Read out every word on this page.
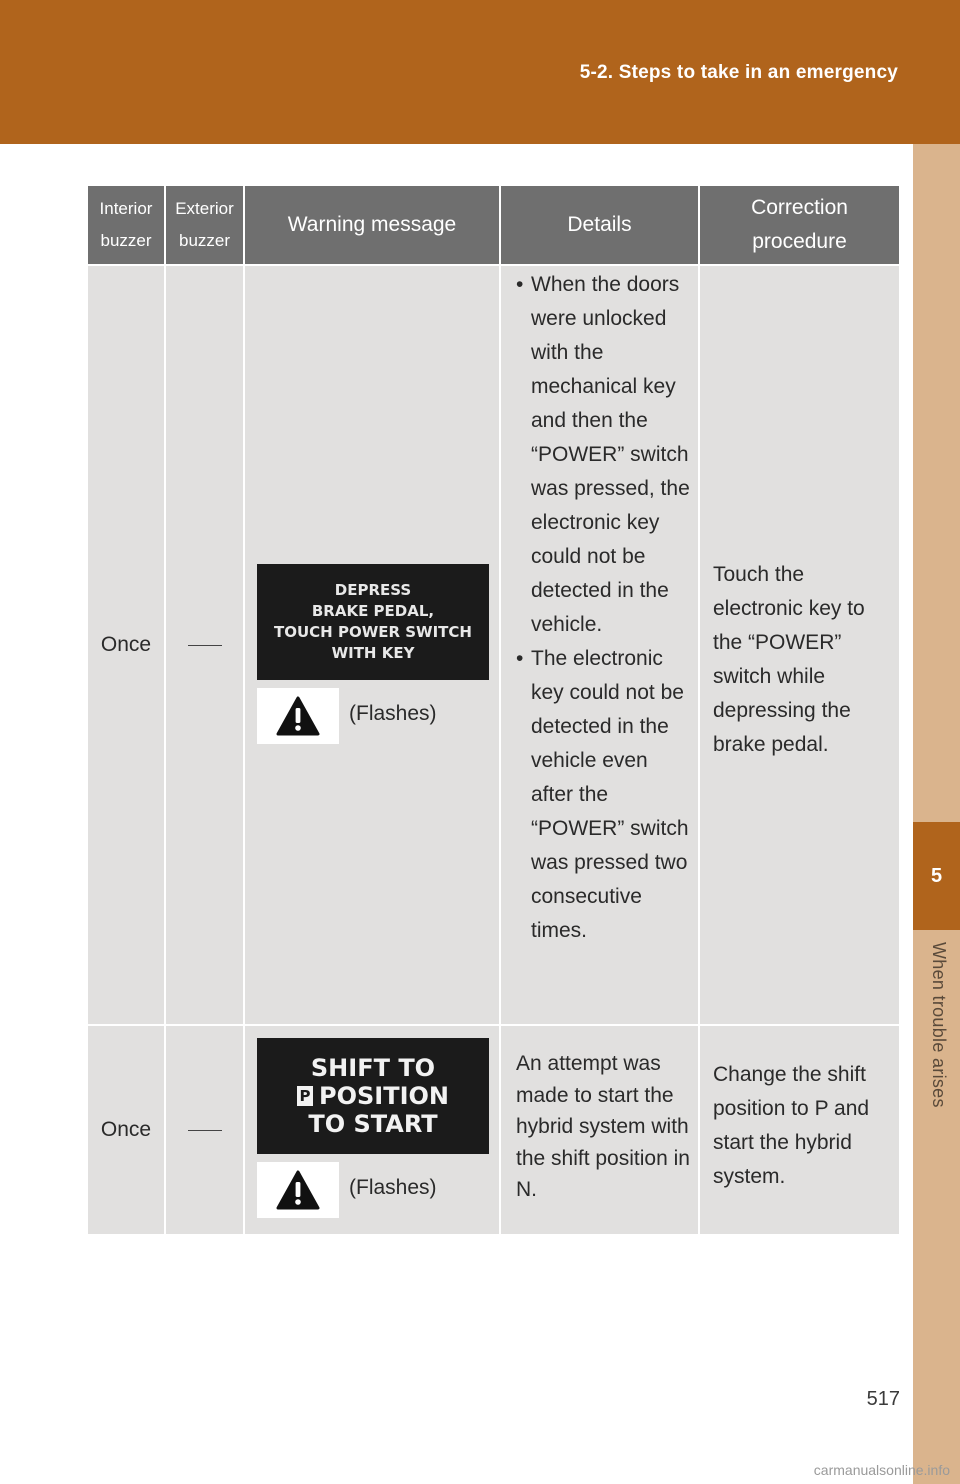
5-2. Steps to take in an emergency
5
When trouble arises
Interior buzzer
Exterior buzzer
Warning message	Details
Correction procedure
Once
DEPRESS
BRAKE PEDAL,
TOUCH POWER SWITCH
WITH KEY
(Flashes)
• When the doors were unlocked with the mechanical key and then the “POWER” switch was pressed, the electronic key could not be detected in the vehicle.
• The electronic key could not be detected in the vehicle even after the “POWER” switch was pressed two consecutive times.
Touch the electronic key to the “POWER” switch while depressing the brake pedal.
Once
SHIFT TO
P POSITION
TO START
(Flashes)
An attempt was made to start the hybrid system with the shift position in N.
Change the shift position to P and start the hybrid system.
517
carmanualsonline.info
